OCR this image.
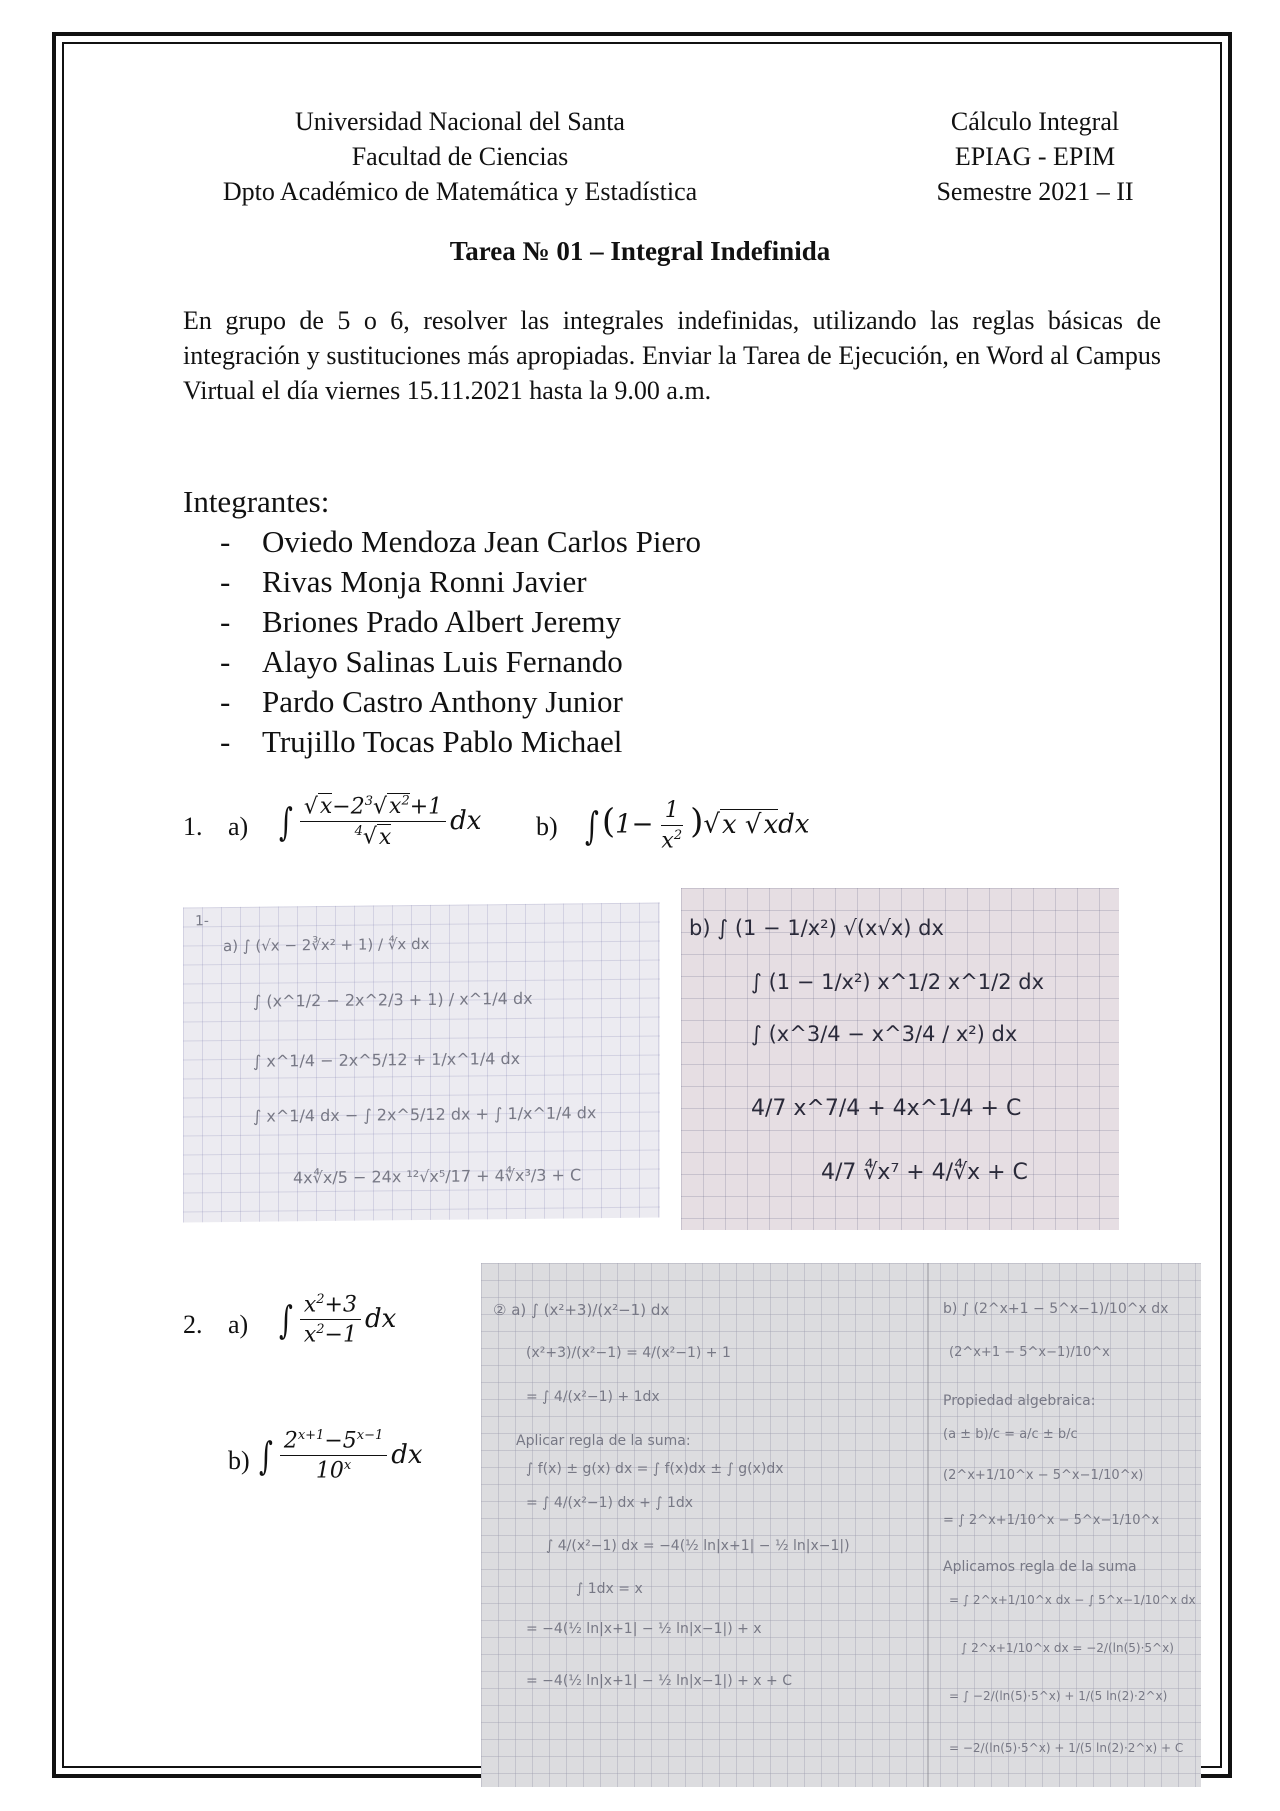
Universidad Nacional del Santa
Facultad de Ciencias
Dpto Académico de Matemática y Estadística
Cálculo Integral
EPIAG - EPIM
Semestre 2021 – II
Tarea № 01 – Integral Indefinida
En grupo de 5 o 6, resolver las integrales indefinidas, utilizando las reglas básicas de integración y sustituciones más apropiadas. Enviar la Tarea de Ejecución, en Word al Campus Virtual el día viernes 15.11.2021 hasta la 9.00 a.m.
Integrantes:
-	Oviedo Mendoza Jean Carlos Piero
-	Rivas Monja Ronni Javier
-	Briones Prado Albert Jeremy
-	Alayo Salinas Luis Fernando
-	Pardo Castro Anthony Junior
-	Trujillo Tocas Pablo Michael
1. a) ∫ $\frac{√x-2^3√x^2+1}{^4√x}$ dx b) $\int(1- \frac{1}{x^2} )√x$ √xdx
1-
a) ∫ (√x − 2∛x² + 1) / ∜x dx
∫ (x^1/2 − 2x^2/3 + 1) / x^1/4 dx
∫ x^1/4 − 2x^5/12 + 1/x^1/4 dx
∫ x^1/4 dx − ∫ 2x^5/12 dx + ∫ 1/x^1/4 dx
4x∜x/5 − 24x ¹²√x⁵/17 + 4∜x³/3 + C
b) ∫ (1 − 1/x²) √(x√x) dx
∫ (1 − 1/x²) x^1/2 x^1/2 dx
∫ (x^3/4 − x^3/4 / x²) dx
4/7 x^7/4 + 4x^1/4 + C
4/7 ∜x⁷ + 4/∜x + C
2. a) ∫ $\frac{x^2+3}{x^2-1}$ dx
b) ∫ $\frac{2^{x+1}-5^{x-1}}{10^x}$ dx
② a) ∫ (x²+3)/(x²−1) dx
(x²+3)/(x²−1) = 4/(x²−1) + 1
= ∫ 4/(x²−1) + 1dx
Aplicar regla de la suma:
∫ f(x) ± g(x) dx = ∫ f(x)dx ± ∫ g(x)dx
= ∫ 4/(x²−1) dx + ∫ 1dx
∫ 4/(x²−1) dx = −4(½ ln|x+1| − ½ ln|x−1|)
∫ 1dx = x
= −4(½ ln|x+1| − ½ ln|x−1|) + x
= −4(½ ln|x+1| − ½ ln|x−1|) + x + C
b) ∫ (2^x+1 − 5^x−1)/10^x dx
(2^x+1 − 5^x−1)/10^x
Propiedad algebraica:
(a ± b)/c = a/c ± b/c
(2^x+1/10^x − 5^x−1/10^x)
= ∫ 2^x+1/10^x − 5^x−1/10^x
Aplicamos regla de la suma
= ∫ 2^x+1/10^x dx − ∫ 5^x−1/10^x dx
∫ 2^x+1/10^x dx = −2/(ln(5)·5^x)
= ∫ −2/(ln(5)·5^x) + 1/(5 ln(2)·2^x)
= −2/(ln(5)·5^x) + 1/(5 ln(2)·2^x) + C
